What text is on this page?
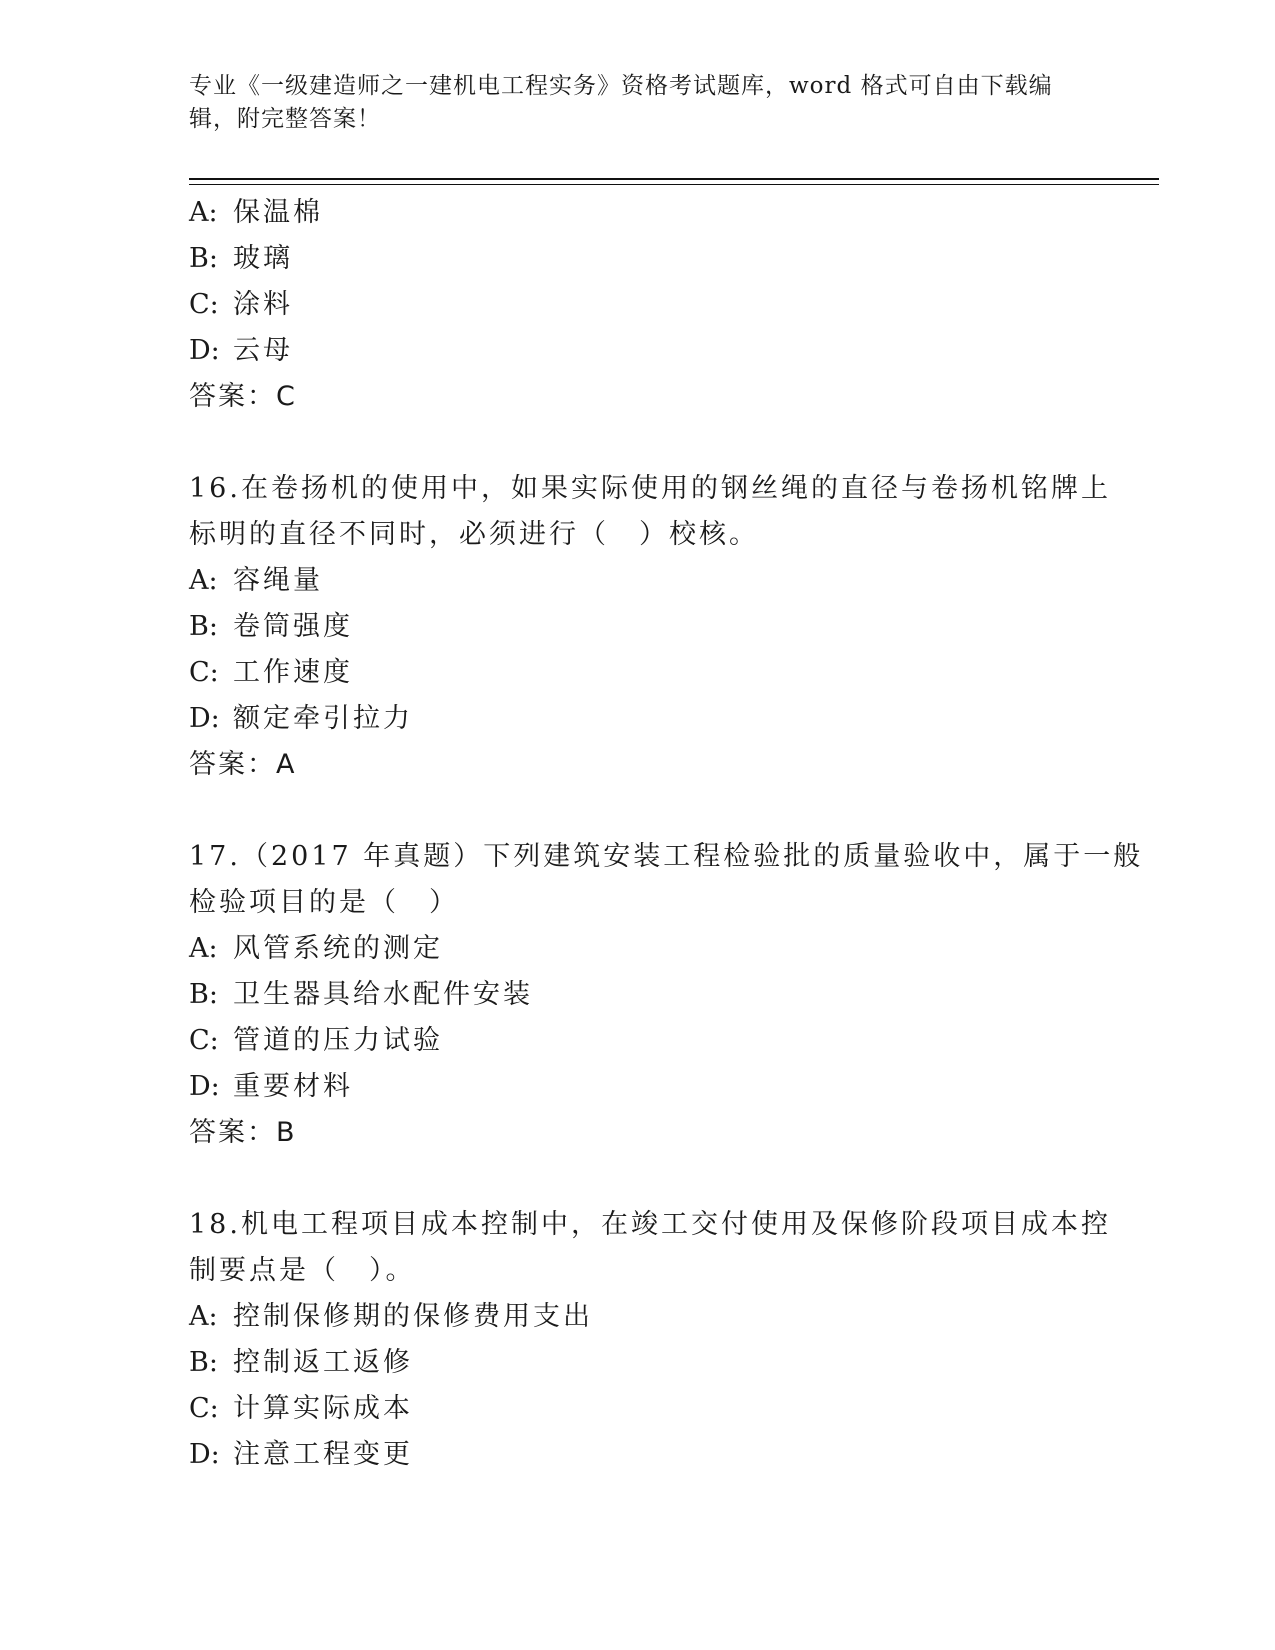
专业《一级建造师之一建机电工程实务》资格考试题库，word 格式可自由下载编
辑，附完整答案！
A: 保温棉
B: 玻璃
C: 涂料
D: 云母
答案：C
16.在卷扬机的使用中，如果实际使用的钢丝绳的直径与卷扬机铭牌上
标明的直径不同时，必须进行（　）校核。
A: 容绳量
B: 卷筒强度
C: 工作速度
D: 额定牵引拉力
答案：A
17.（2017 年真题）下列建筑安装工程检验批的质量验收中，属于一般
检验项目的是（　）
A: 风管系统的测定
B: 卫生器具给水配件安装
C: 管道的压力试验
D: 重要材料
答案：B
18.机电工程项目成本控制中，在竣工交付使用及保修阶段项目成本控
制要点是（　）。
A: 控制保修期的保修费用支出
B: 控制返工返修
C: 计算实际成本
D: 注意工程变更
